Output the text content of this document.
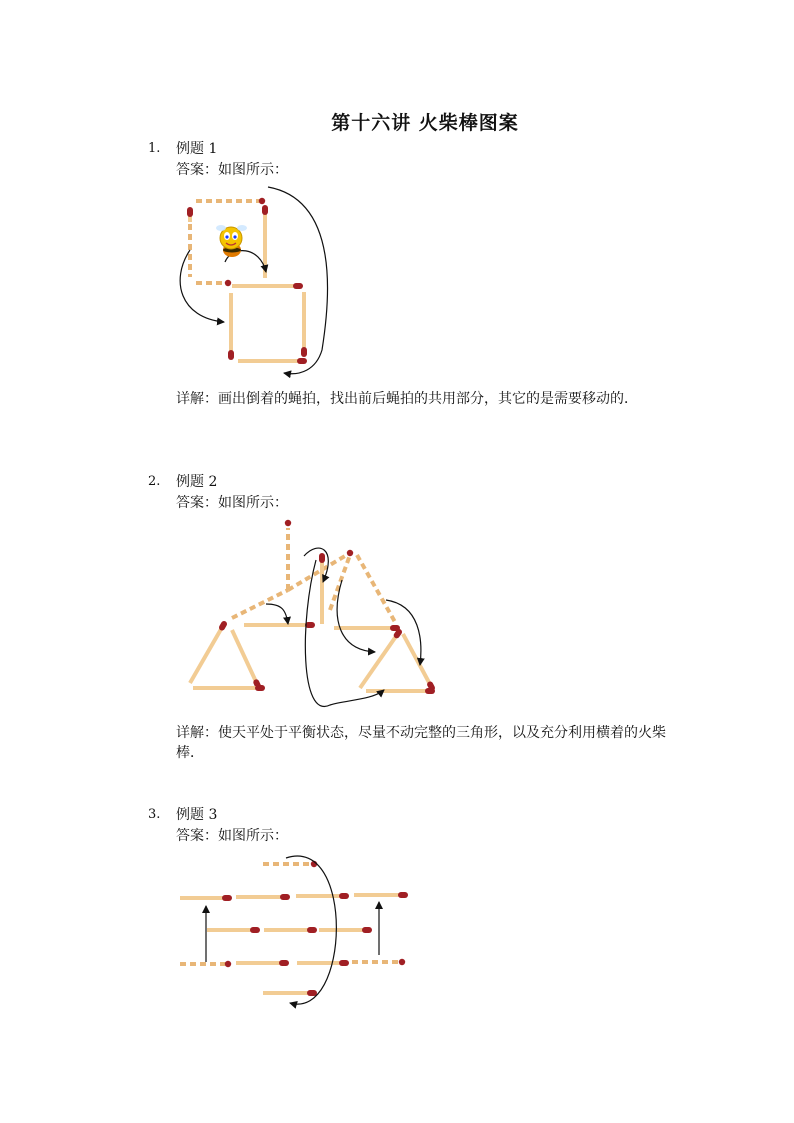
第十六讲 火柴棒图案
1. 例题 1
答案：如图所示：
详解：画出倒着的蝇拍，找出前后蝇拍的共用部分，其它的是需要移动的．
2. 例题 2
答案：如图所示：
详解：使天平处于平衡状态，尽量不动完整的三角形，以及充分利用横着的火柴棒．
3. 例题 3
答案：如图所示：
